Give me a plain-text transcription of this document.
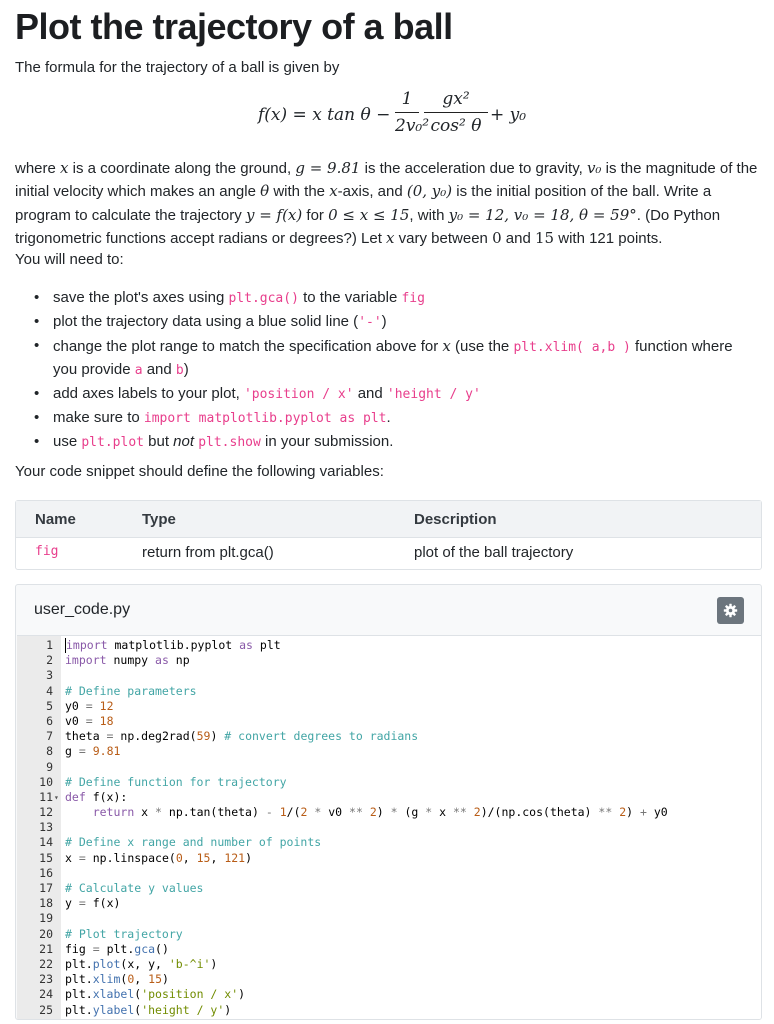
Plot the trajectory of a ball
The formula for the trajectory of a ball is given by
f(x) = x tan θ −
1
2v₀²
gx²
cos² θ
+ y₀
where x is a coordinate along the ground, g = 9.81 is the acceleration due to gravity, v₀ is the magnitude of the initial velocity which makes an angle θ with the x-axis, and (0, y₀) is the initial position of the ball. Write a program to calculate the trajectory y = f(x) for 0 ≤ x ≤ 15, with y₀ = 12, v₀ = 18, θ = 59°. (Do Python trigonometric functions accept radians or degrees?) Let x vary between 0 and 15 with 121 points.
You will need to:
• save the plot's axes using plt.gca() to the variable fig
• plot the trajectory data using a blue solid line ('-')
• change the plot range to match the specification above for x (use the plt.xlim( a,b ) function where you provide a and b)
• add axes labels to your plot, 'position / x' and 'height / y'
• make sure to import matplotlib.pyplot as plt.
• use plt.plot but not plt.show in your submission.
Your code snippet should define the following variables:
Name	Type	Description
fig	return from plt.gca()	plot of the ball trajectory
user_code.py
1 import matplotlib.pyplot as plt
2 import numpy as np
3
4 # Define parameters
5 y0 = 12
6 v0 = 18
7 theta = np.deg2rad(59) # convert degrees to radians
8 g = 9.81
9
10 # Define function for trajectory
11 ▾ def f(x):
12	return x * np.tan(theta) - 1/(2 * v0 ** 2) * (g * x ** 2)/(np.cos(theta) ** 2) + y0
13
14 # Define x range and number of points
15 x = np.linspace(0, 15, 121)
16
17 # Calculate y values
18 y = f(x)
19
20 # Plot trajectory
21 fig = plt.gca()
22 plt.plot(x, y, 'b-^i')
23 plt.xlim(0, 15)
24 plt.xlabel('position / x')
25 plt.ylabel('height / y')
